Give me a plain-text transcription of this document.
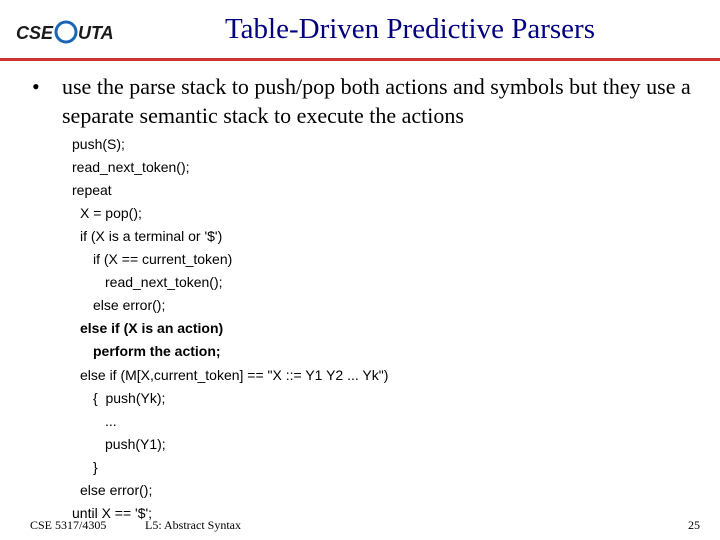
CSE UTA	Table-Driven Predictive Parsers
• use the parse stack to push/pop both actions and symbols but they use a separate semantic stack to execute the actions
push(S);
read_next_token();
repeat
X = pop();
if (X is a terminal or '$')
if (X == current_token)
read_next_token();
else error();
else if (X is an action)
perform the action;
else if (M[X,current_token] == "X ::= Y1 Y2 ... Yk")
{  push(Yk);
...
push(Y1);
}
else error();
until X == '$';
CSE 5317/4305	L5: Abstract Syntax	25
